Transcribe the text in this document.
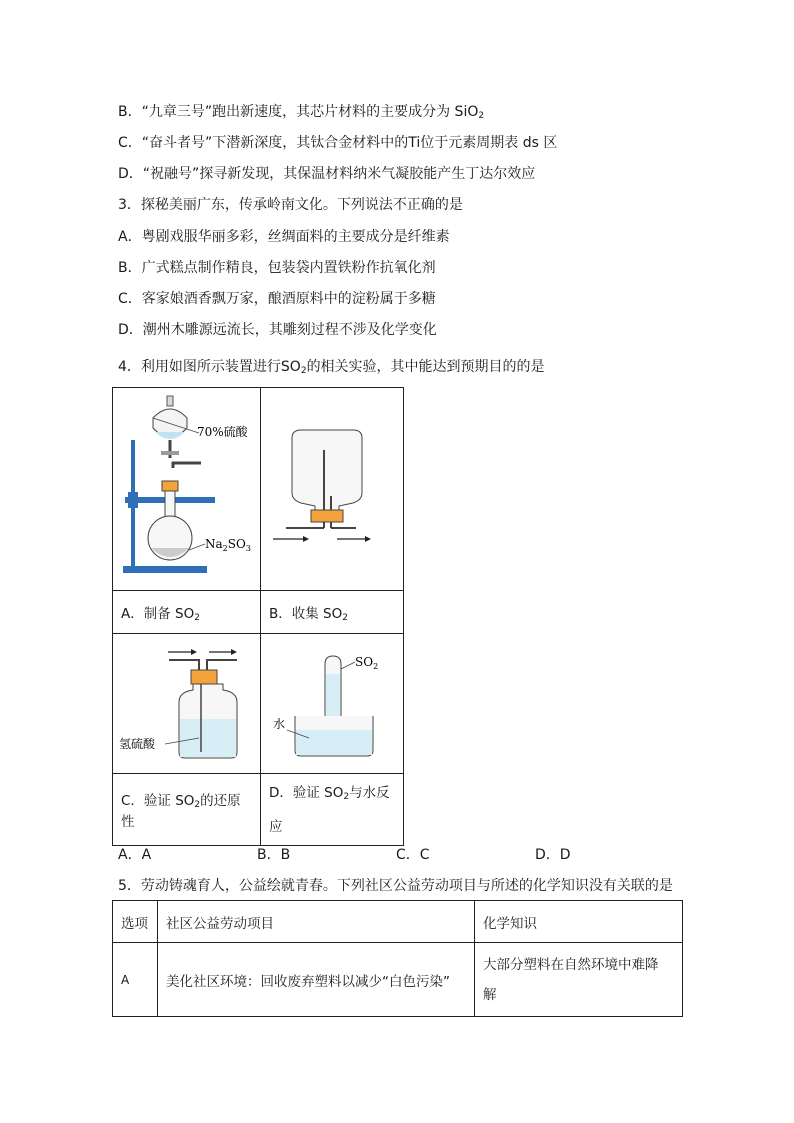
B．“九章三号”跑出新速度，其芯片材料的主要成分为 SiO$_2$
C．“奋斗者号”下潜新深度，其钛合金材料中的Ti位于元素周期表 ds 区
D．“祝融号”探寻新发现，其保温材料纳米气凝胶能产生丁达尔效应
3．探秘美丽广东，传承岭南文化。下列说法不正确的是
A．粤剧戏服华丽多彩，丝绸面料的主要成分是纤维素
B．广式糕点制作精良，包装袋内置铁粉作抗氧化剂
C．客家娘酒香飘万家，酿酒原料中的淀粉属于多糖
D．潮州木雕源远流长，其雕刻过程不涉及化学变化
4．利用如图所示装置进行$SO_2$的相关实验，其中能达到预期目的的是
70%硫酸
$Na_2SO_3$

A．制备 $SO_2$	B．收集 $SO_2$

氢硫酸	$SO_2$
水

C．验证 $SO_2$的还原性	D．验证 $SO_2$与水反
应
A．A	B．B	C．C	D．D
5．劳动铸魂育人，公益绘就青春。下列社区公益劳动项目与所述的化学知识没有关联的是
选项	社区公益劳动项目	化学知识
A	美化社区环境：回收废弃塑料以减少“白色污染”	大部分塑料在自然环境中难降
解
